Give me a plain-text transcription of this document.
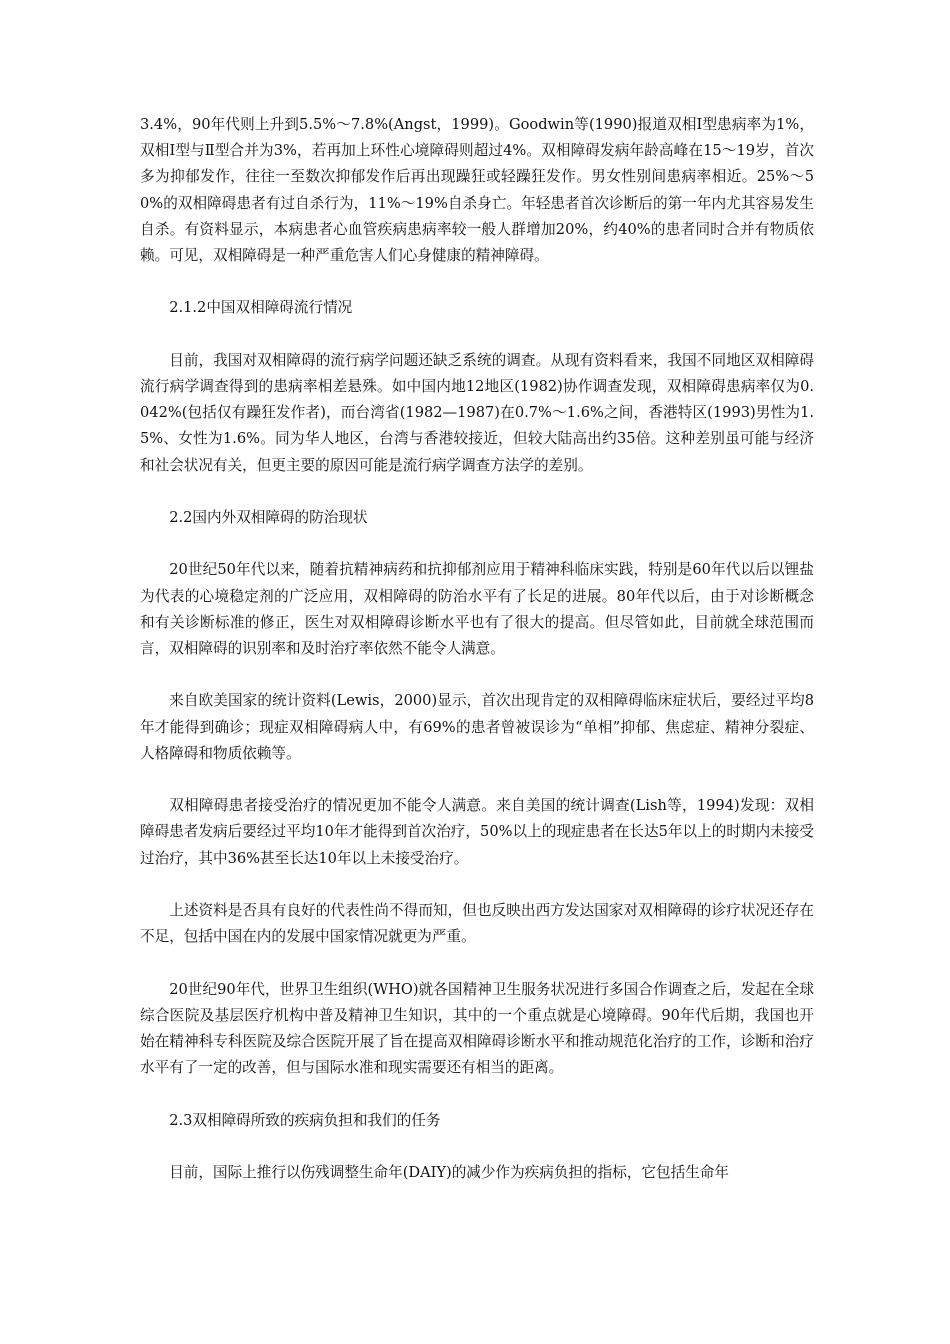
3.4%，90年代则上升到5.5%～7.8%(Angst，1999)。Goodwin等(1990)报道双相Ⅰ型患病率为1%，双相Ⅰ型与Ⅱ型合并为3%，若再加上环性心境障碍则超过4%。双相障碍发病年龄高峰在15～19岁，首次多为抑郁发作，往往一至数次抑郁发作后再出现躁狂或轻躁狂发作。男女性别间患病率相近。25%～50%的双相障碍患者有过自杀行为，11%～19%自杀身亡。年轻患者首次诊断后的第一年内尤其容易发生自杀。有资料显示，本病患者心血管疾病患病率较一般人群增加20%，约40%的患者同时合并有物质依赖。可见，双相障碍是一种严重危害人们心身健康的精神障碍。

2.1.2中国双相障碍流行情况

目前，我国对双相障碍的流行病学问题还缺乏系统的调查。从现有资料看来，我国不同地区双相障碍流行病学调查得到的患病率相差悬殊。如中国内地12地区(1982)协作调查发现，双相障碍患病率仅为0.042%(包括仅有躁狂发作者)，而台湾省(1982—1987)在0.7%～1.6%之间，香港特区(1993)男性为1.5%、女性为1.6%。同为华人地区，台湾与香港较接近，但较大陆高出约35倍。这种差别虽可能与经济和社会状况有关，但更主要的原因可能是流行病学调查方法学的差别。

2.2国内外双相障碍的防治现状

20世纪50年代以来，随着抗精神病药和抗抑郁剂应用于精神科临床实践，特别是60年代以后以锂盐为代表的心境稳定剂的广泛应用，双相障碍的防治水平有了长足的进展。80年代以后，由于对诊断概念和有关诊断标准的修正，医生对双相障碍诊断水平也有了很大的提高。但尽管如此，目前就全球范围而言，双相障碍的识别率和及时治疗率依然不能令人满意。

来自欧美国家的统计资料(Lewis，2000)显示，首次出现肯定的双相障碍临床症状后，要经过平均8年才能得到确诊；现症双相障碍病人中，有69%的患者曾被误诊为“单相”抑郁、焦虑症、精神分裂症、人格障碍和物质依赖等。

双相障碍患者接受治疗的情况更加不能令人满意。来自美国的统计调查(Lish等，1994)发现：双相障碍患者发病后要经过平均10年才能得到首次治疗，50%以上的现症患者在长达5年以上的时期内未接受过治疗，其中36%甚至长达10年以上未接受治疗。

上述资料是否具有良好的代表性尚不得而知，但也反映出西方发达国家对双相障碍的诊疗状况还存在不足，包括中国在内的发展中国家情况就更为严重。

20世纪90年代，世界卫生组织(WHO)就各国精神卫生服务状况进行多国合作调查之后，发起在全球综合医院及基层医疗机构中普及精神卫生知识，其中的一个重点就是心境障碍。90年代后期，我国也开始在精神科专科医院及综合医院开展了旨在提高双相障碍诊断水平和推动规范化治疗的工作，诊断和治疗水平有了一定的改善，但与国际水准和现实需要还有相当的距离。

2.3双相障碍所致的疾病负担和我们的任务

目前，国际上推行以伤残调整生命年(DAIY)的减少作为疾病负担的指标，它包括生命年
